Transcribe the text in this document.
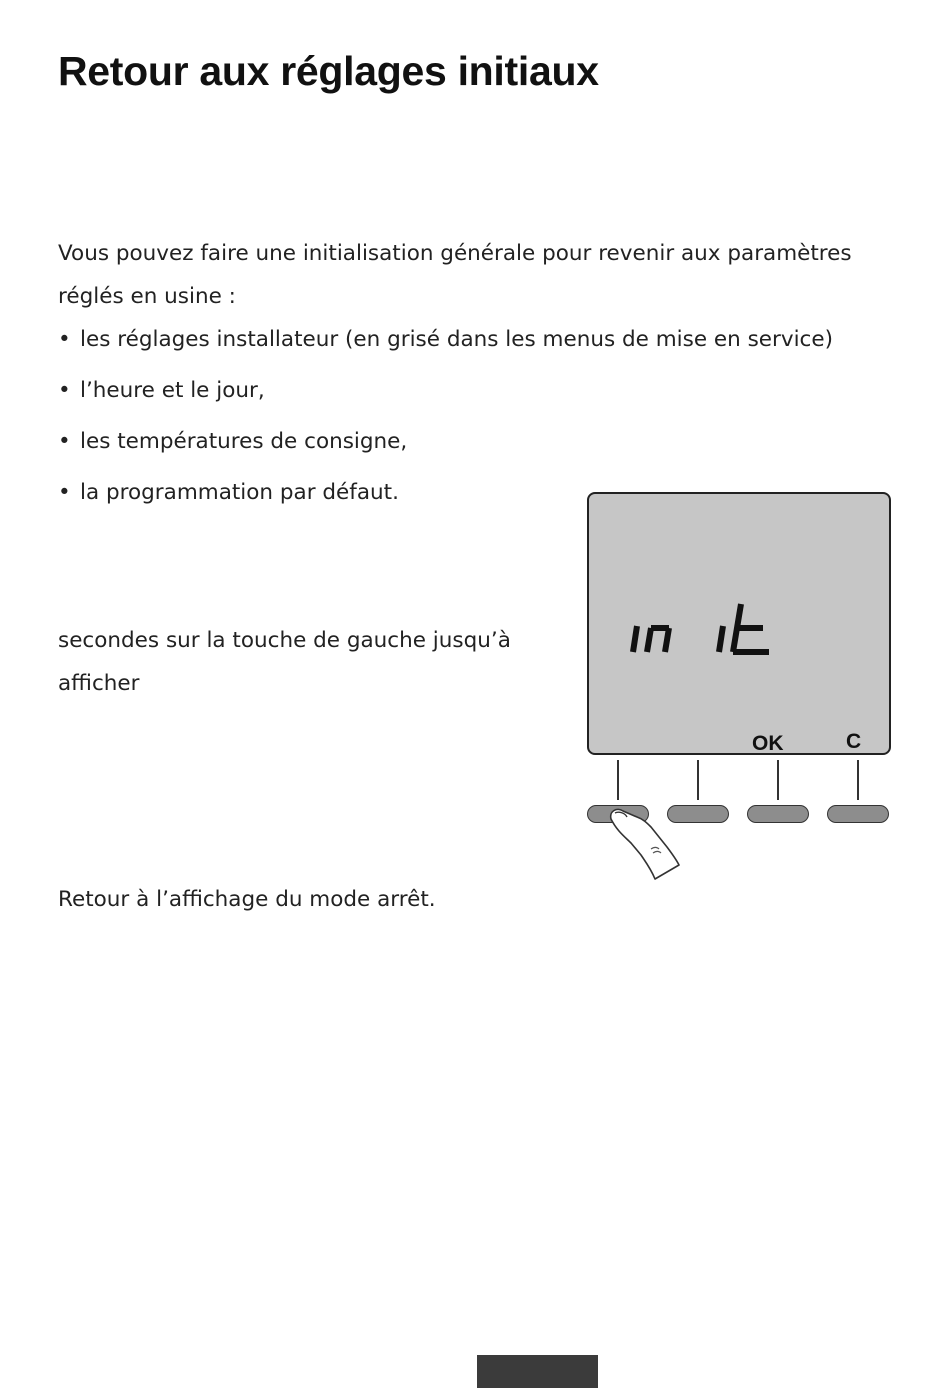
Retour aux réglages initiaux

Vous pouvez faire une initialisation générale pour revenir aux paramètres réglés en usine :

• les réglages installateur (en grisé dans les menus de mise en service)
• l’heure et le jour,
• les températures de consigne,
• la programmation par défaut.

secondes sur la touche de gauche jusqu’à afficher

Retour à l’affichage du mode arrêt.

OK	C
